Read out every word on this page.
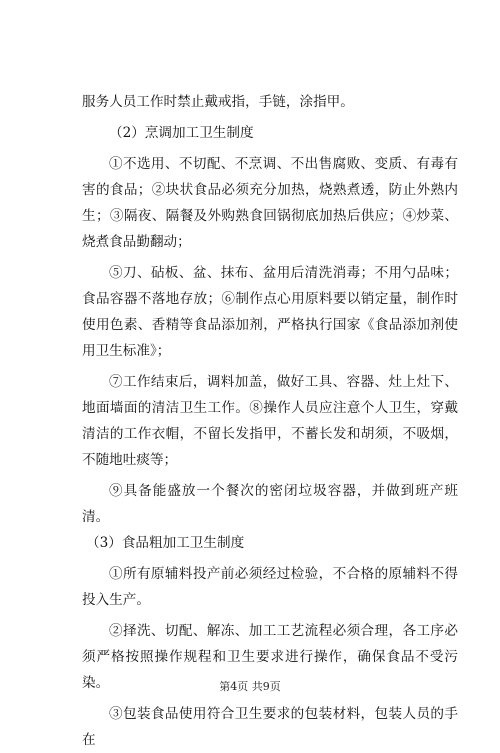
服务人员工作时禁止戴戒指，手链，涂指甲。

（2）烹调加工卫生制度

①不选用、不切配、不烹调、不出售腐败、变质、有毒有害的食品；②块状食品必须充分加热，烧熟煮透，防止外熟内生；③隔夜、隔餐及外购熟食回锅彻底加热后供应；④炒菜、烧煮食品勤翻动；

⑤刀、砧板、盆、抹布、盆用后清洗消毒；不用勺品味；食品容器不落地存放；⑥制作点心用原料要以销定量，制作时使用色素、香精等食品添加剂，严格执行国家《食品添加剂使用卫生标准》；

⑦工作结束后，调料加盖，做好工具、容器、灶上灶下、地面墙面的清洁卫生工作。⑧操作人员应注意个人卫生，穿戴清洁的工作衣帽，不留长发指甲，不蓄长发和胡须，不吸烟，不随地吐痰等；

⑨具备能盛放一个餐次的密闭垃圾容器，并做到班产班清。

（3）食品粗加工卫生制度

①所有原辅料投产前必须经过检验，不合格的原辅料不得投入生产。

②择洗、切配、解冻、加工工艺流程必须合理，各工序必须严格按照操作规程和卫生要求进行操作，确保食品不受污染。

③包装食品使用符合卫生要求的包装材料，包装人员的手在

第4页 共9页
